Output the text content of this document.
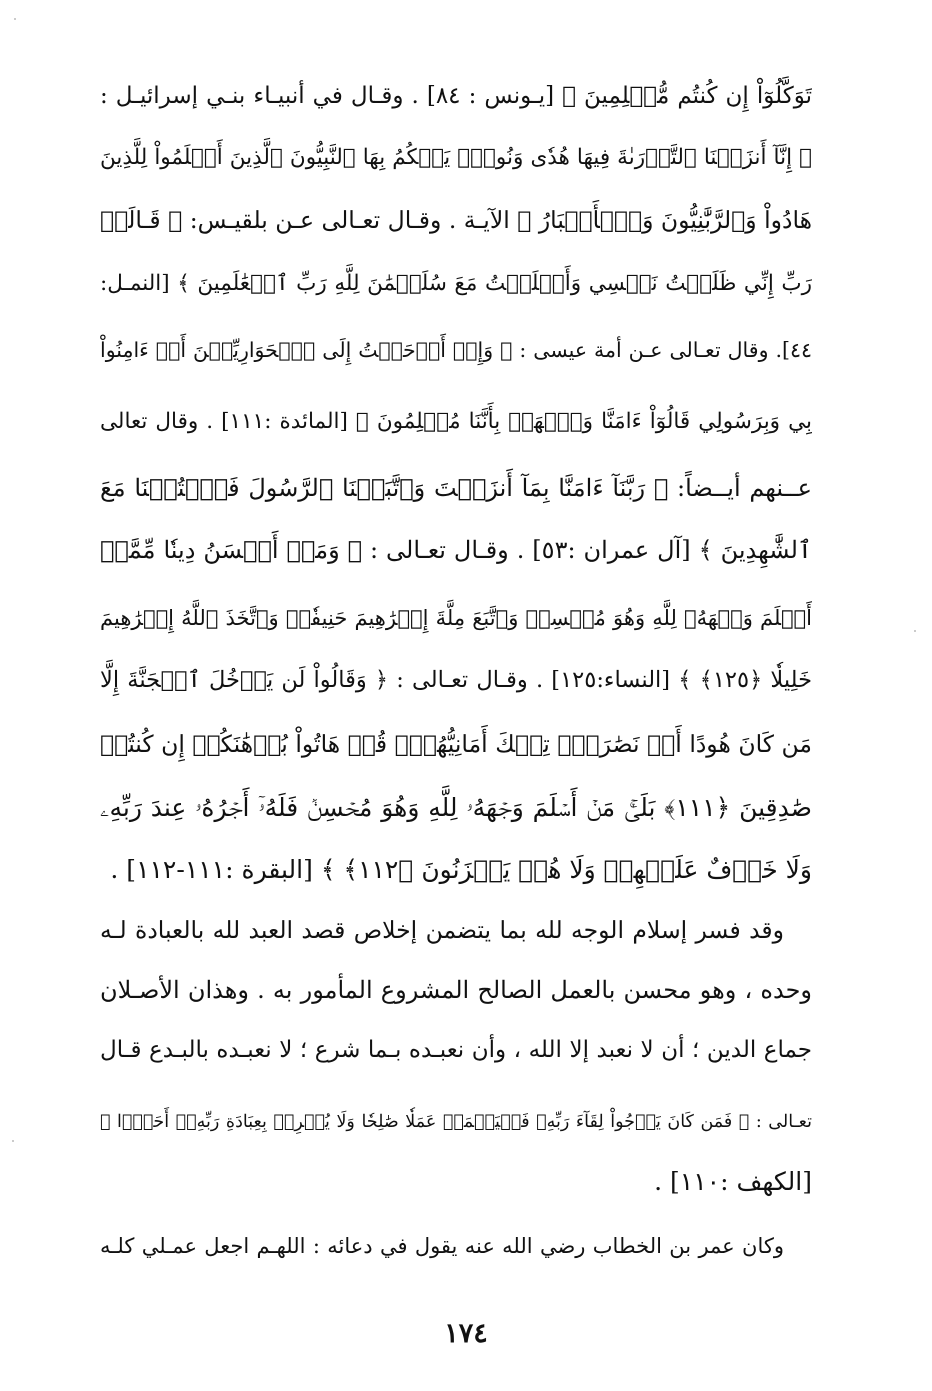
تَوَكَّلُوٓاْ إِن كُنتُم مُّسۡلِمِينَ ﴾ [يـونس : ٨٤] . وقـال في أنبيـاء بنـي إسرائيـل :
﴿ إِنَّآ أَنزَلۡنَا ٱلتَّوۡرَىٰةَ فِيهَا هُدٗى وَنُورٞۚ يَحۡكُمُ بِهَا ٱلنَّبِيُّونَ ٱلَّذِينَ أَسۡلَمُواْ لِلَّذِينَ
هَادُواْ وَٱلرَّبَّٰنِيُّونَ وَٱلۡأَحۡبَارُ ﴾ الآيـة . وقـال تعـالى عـن بلقيـس: ﴿ قَـالَتۡ
رَبِّ إِنِّي ظَلَمۡتُ نَفۡسِي وَأَسۡلَمۡتُ مَعَ سُلَيۡمَٰنَ لِلَّهِ رَبِّ ٱلۡعَٰلَمِينَ ﴾ [النمـل:
٤٤]. وقال تعـالى عـن أمة عيسى : ﴿ وَإِذۡ أَوۡحَيۡتُ إِلَى ٱلۡحَوَارِيِّـۧنَ أَنۡ ءَامِنُواْ
بِي وَبِرَسُولِي قَالُوٓاْ ءَامَنَّا وَٱشۡهَدۡ بِأَنَّنَا مُسۡلِمُونَ ﴾ [المائدة :١١١] . وقال تعالى
عــنهم أيــضاً: ﴿ رَبَّنَآ ءَامَنَّا بِمَآ أَنزَلۡتَ وَٱتَّبَعۡنَا ٱلرَّسُولَ فَٱكۡتُبۡنَا مَعَ
ٱلشَّٰهِدِينَ ﴾ [آل عمران :٥٣] . وقـال تعـالى : ﴿ وَمَنۡ أَحۡسَنُ دِينٗا مِّمَّنۡ
أَسۡلَمَ وَجۡهَهُۥ لِلَّهِ وَهُوَ مُحۡسِنٞ وَٱتَّبَعَ مِلَّةَ إِبۡرَٰهِيمَ حَنِيفٗاۗ وَٱتَّخَذَ ٱللَّهُ إِبۡرَٰهِيمَ
خَلِيلٗا ﴿١٢٥﴾ ﴾ [النساء:١٢٥] . وقـال تعـالى : ﴿ وَقَالُواْ لَن يَدۡخُلَ ٱلۡجَنَّةَ إِلَّا
مَن كَانَ هُودًا أَوۡ نَصَٰرَىٰۗ تِلۡكَ أَمَانِيُّهُمۡۗ قُلۡ هَاتُواْ بُرۡهَٰنَكُمۡ إِن كُنتُمۡ
صَٰدِقِينَ ﴿١١١﴾ بَلَىٰۚ مَنۡ أَسۡلَمَ وَجۡهَهُۥ لِلَّهِ وَهُوَ مُحۡسِنٞ فَلَهُۥٓ أَجۡرُهُۥ عِندَ رَبِّهِۦ
وَلَا خَوۡفٌ عَلَيۡهِمۡ وَلَا هُمۡ يَحۡزَنُونَ ﴿١١٢﴾ ﴾ [البقرة :١١١-١١٢] .
وقد فسر إسلام الوجه لله بما يتضمن إخلاص قصد العبد لله بالعبادة لـه
وحده ، وهو محسن بالعمل الصالح المشروع المأمور به . وهذان الأصـلان
جماع الدين ؛ أن لا نعبد إلا الله ، وأن نعبـده بـما شرع ؛ لا نعبـده بالبـدع قـال
تعـالى : ﴿ فَمَن كَانَ يَرۡجُواْ لِقَآءَ رَبِّهِۦ فَلۡيَعۡمَلۡ عَمَلٗا صَٰلِحٗا وَلَا يُشۡرِكۡ بِعِبَادَةِ رَبِّهِۦٓ أَحَدَۢا ﴾
[الكهف :١١٠] .
وكان عمر بن الخطاب رضي الله عنه يقول في دعائه : اللهـم اجعل عمـلي كلـه
١٧٤
